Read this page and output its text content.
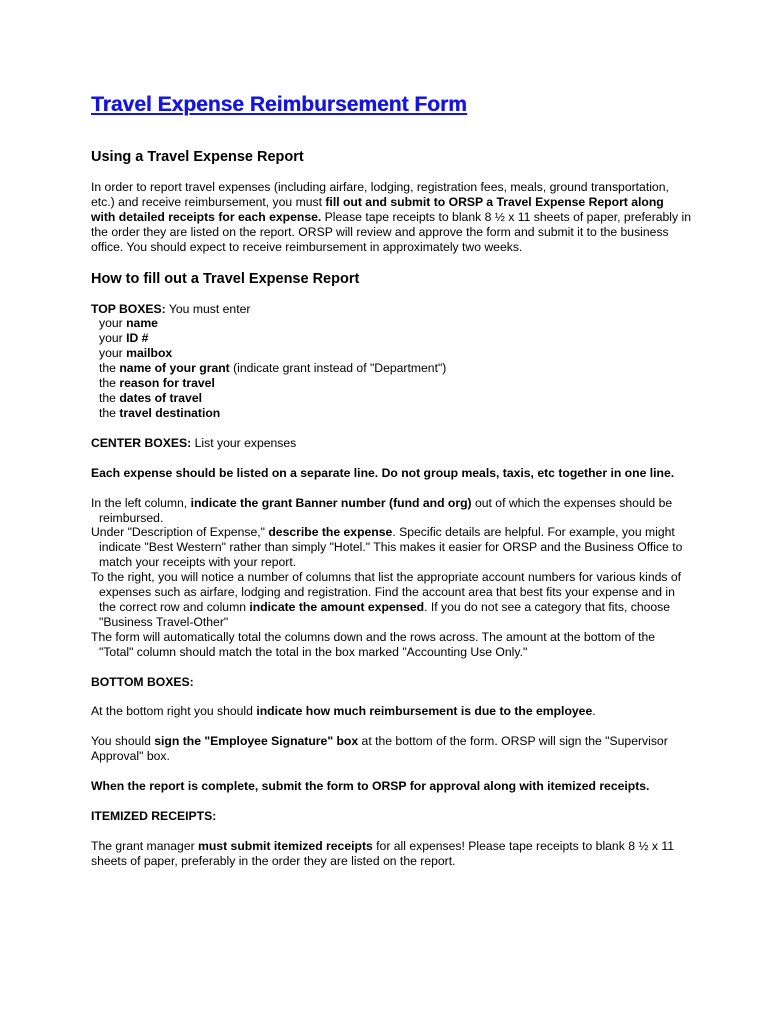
Travel Expense Reimbursement Form
Using a Travel Expense Report

In order to report travel expenses (including airfare, lodging, registration fees, meals, ground transportation, etc.) and receive reimbursement, you must fill out and submit to ORSP a Travel Expense Report along with detailed receipts for each expense. Please tape receipts to blank 8 ½ x 11 sheets of paper, preferably in the order they are listed on the report. ORSP will review and approve the form and submit it to the business office. You should expect to receive reimbursement in approximately two weeks.

How to fill out a Travel Expense Report
TOP BOXES: You must enter
your name
your ID #
your mailbox
the name of your grant (indicate grant instead of "Department")
the reason for travel
the dates of travel
the travel destination

CENTER BOXES: List your expenses

Each expense should be listed on a separate line. Do not group meals, taxis, etc together in one line.

In the left column, indicate the grant Banner number (fund and org) out of which the expenses should be reimbursed.

Under "Description of Expense," describe the expense. Specific details are helpful. For example, you might indicate "Best Western" rather than simply "Hotel." This makes it easier for ORSP and the Business Office to match your receipts with your report.

To the right, you will notice a number of columns that list the appropriate account numbers for various kinds of expenses such as airfare, lodging and registration. Find the account area that best fits your expense and in the correct row and column indicate the amount expensed. If you do not see a category that fits, choose "Business Travel-Other"

The form will automatically total the columns down and the rows across. The amount at the bottom of the "Total" column should match the total in the box marked "Accounting Use Only."

BOTTOM BOXES:

At the bottom right you should indicate how much reimbursement is due to the employee.

You should sign the "Employee Signature" box at the bottom of the form. ORSP will sign the "Supervisor Approval" box.

When the report is complete, submit the form to ORSP for approval along with itemized receipts.

ITEMIZED RECEIPTS:

The grant manager must submit itemized receipts for all expenses! Please tape receipts to blank 8 ½ x 11 sheets of paper, preferably in the order they are listed on the report.
